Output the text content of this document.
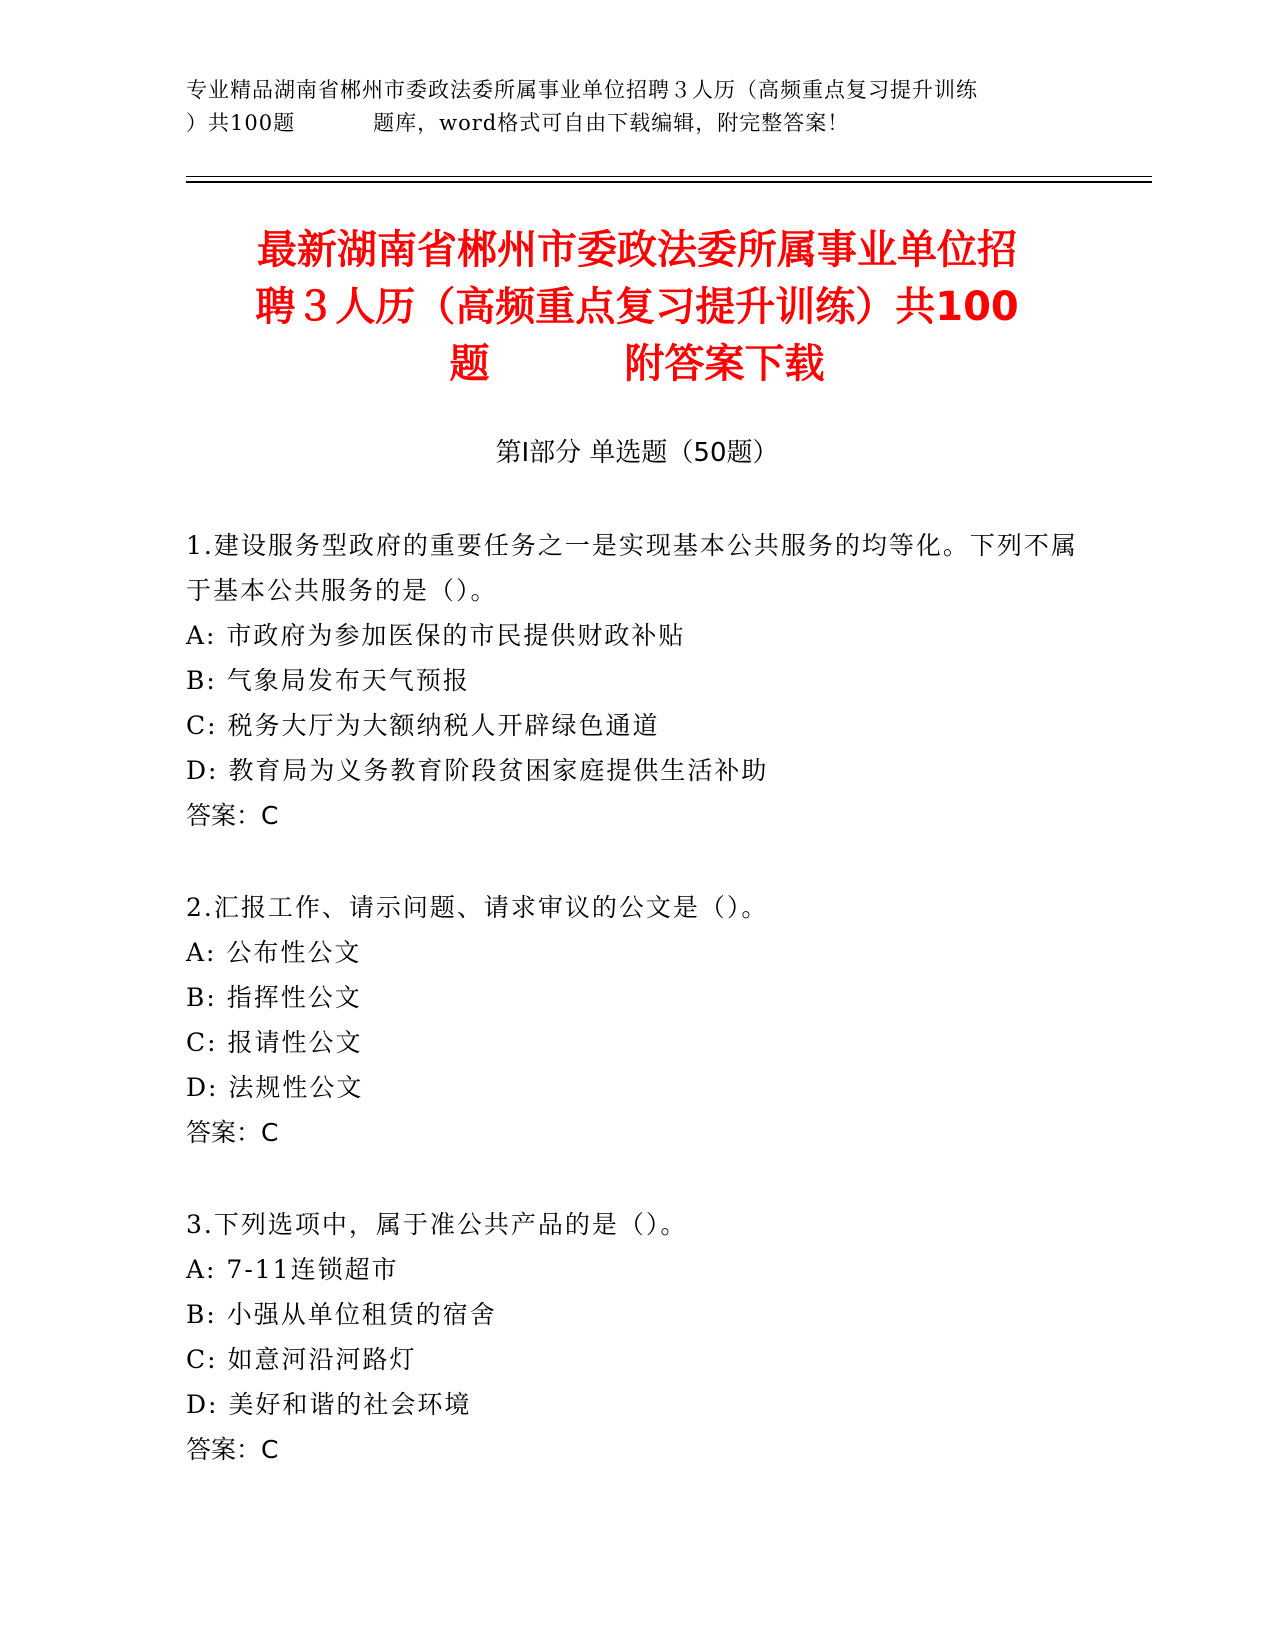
专业精品湖南省郴州市委政法委所属事业单位招聘３人历（高频重点复习提升训练
）共100题	题库，word格式可自由下载编辑，附完整答案！
最新湖南省郴州市委政法委所属事业单位招
聘３人历（高频重点复习提升训练）共100
题	附答案下载
第Ⅰ部分 单选题（50题）

1.建设服务型政府的重要任务之一是实现基本公共服务的均等化。下列不属于基本公共服务的是（）。

A: 市政府为参加医保的市民提供财政补贴

B: 气象局发布天气预报

C: 税务大厅为大额纳税人开辟绿色通道

D: 教育局为义务教育阶段贫困家庭提供生活补助

答案：C

2.汇报工作、请示问题、请求审议的公文是（）。

A: 公布性公文

B: 指挥性公文

C: 报请性公文

D: 法规性公文

答案：C

3.下列选项中，属于准公共产品的是（）。

A: 7-11连锁超市

B: 小强从单位租赁的宿舍

C: 如意河沿河路灯

D: 美好和谐的社会环境

答案：C
